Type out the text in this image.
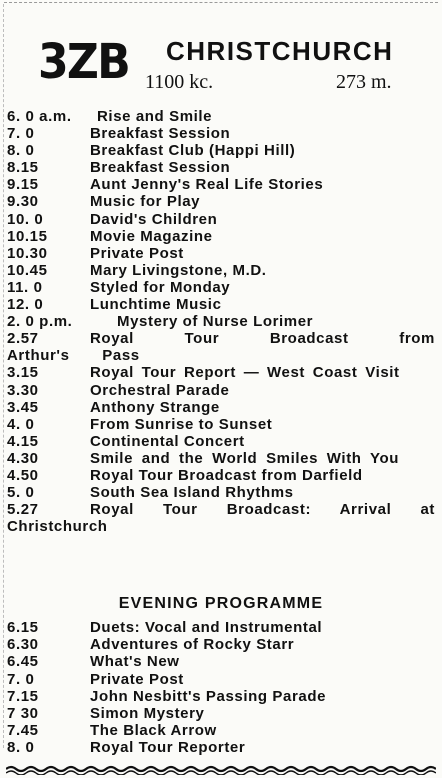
3ZB CHRISTCHURCH
1100 kc.	273 m.
6. 0 a.m.	Rise and Smile
7. 0	Breakfast Session
8. 0	Breakfast Club (Happi Hill)
8.15	Breakfast Session
9.15	Aunt Jenny's Real Life Stories
9.30	Music for Play
10. 0	David's Children
10.15	Movie Magazine
10.30	Private Post
10.45	Mary Livingstone, M.D.
11. 0	Styled for Monday
12. 0	Lunchtime Music
2. 0 p.m.	Mystery of Nurse Lorimer
2.57	Royal Tour Broadcast from Arthur's Pass
3.15	Royal Tour Report — West Coast Visit
3.30	Orchestral Parade
3.45	Anthony Strange
4. 0	From Sunrise to Sunset
4.15	Continental Concert
4.30	Smile and the World Smiles With You
4.50	Royal Tour Broadcast from Darfield
5. 0	South Sea Island Rhythms
5.27	Royal Tour Broadcast: Arrival at Christchurch
EVENING PROGRAMME
6.15	Duets: Vocal and Instrumental
6.30	Adventures of Rocky Starr
6.45	What's New
7. 0	Private Post
7.15	John Nesbitt's Passing Parade
7 30	Simon Mystery
7.45	The Black Arrow
8. 0	Royal Tour Reporter
